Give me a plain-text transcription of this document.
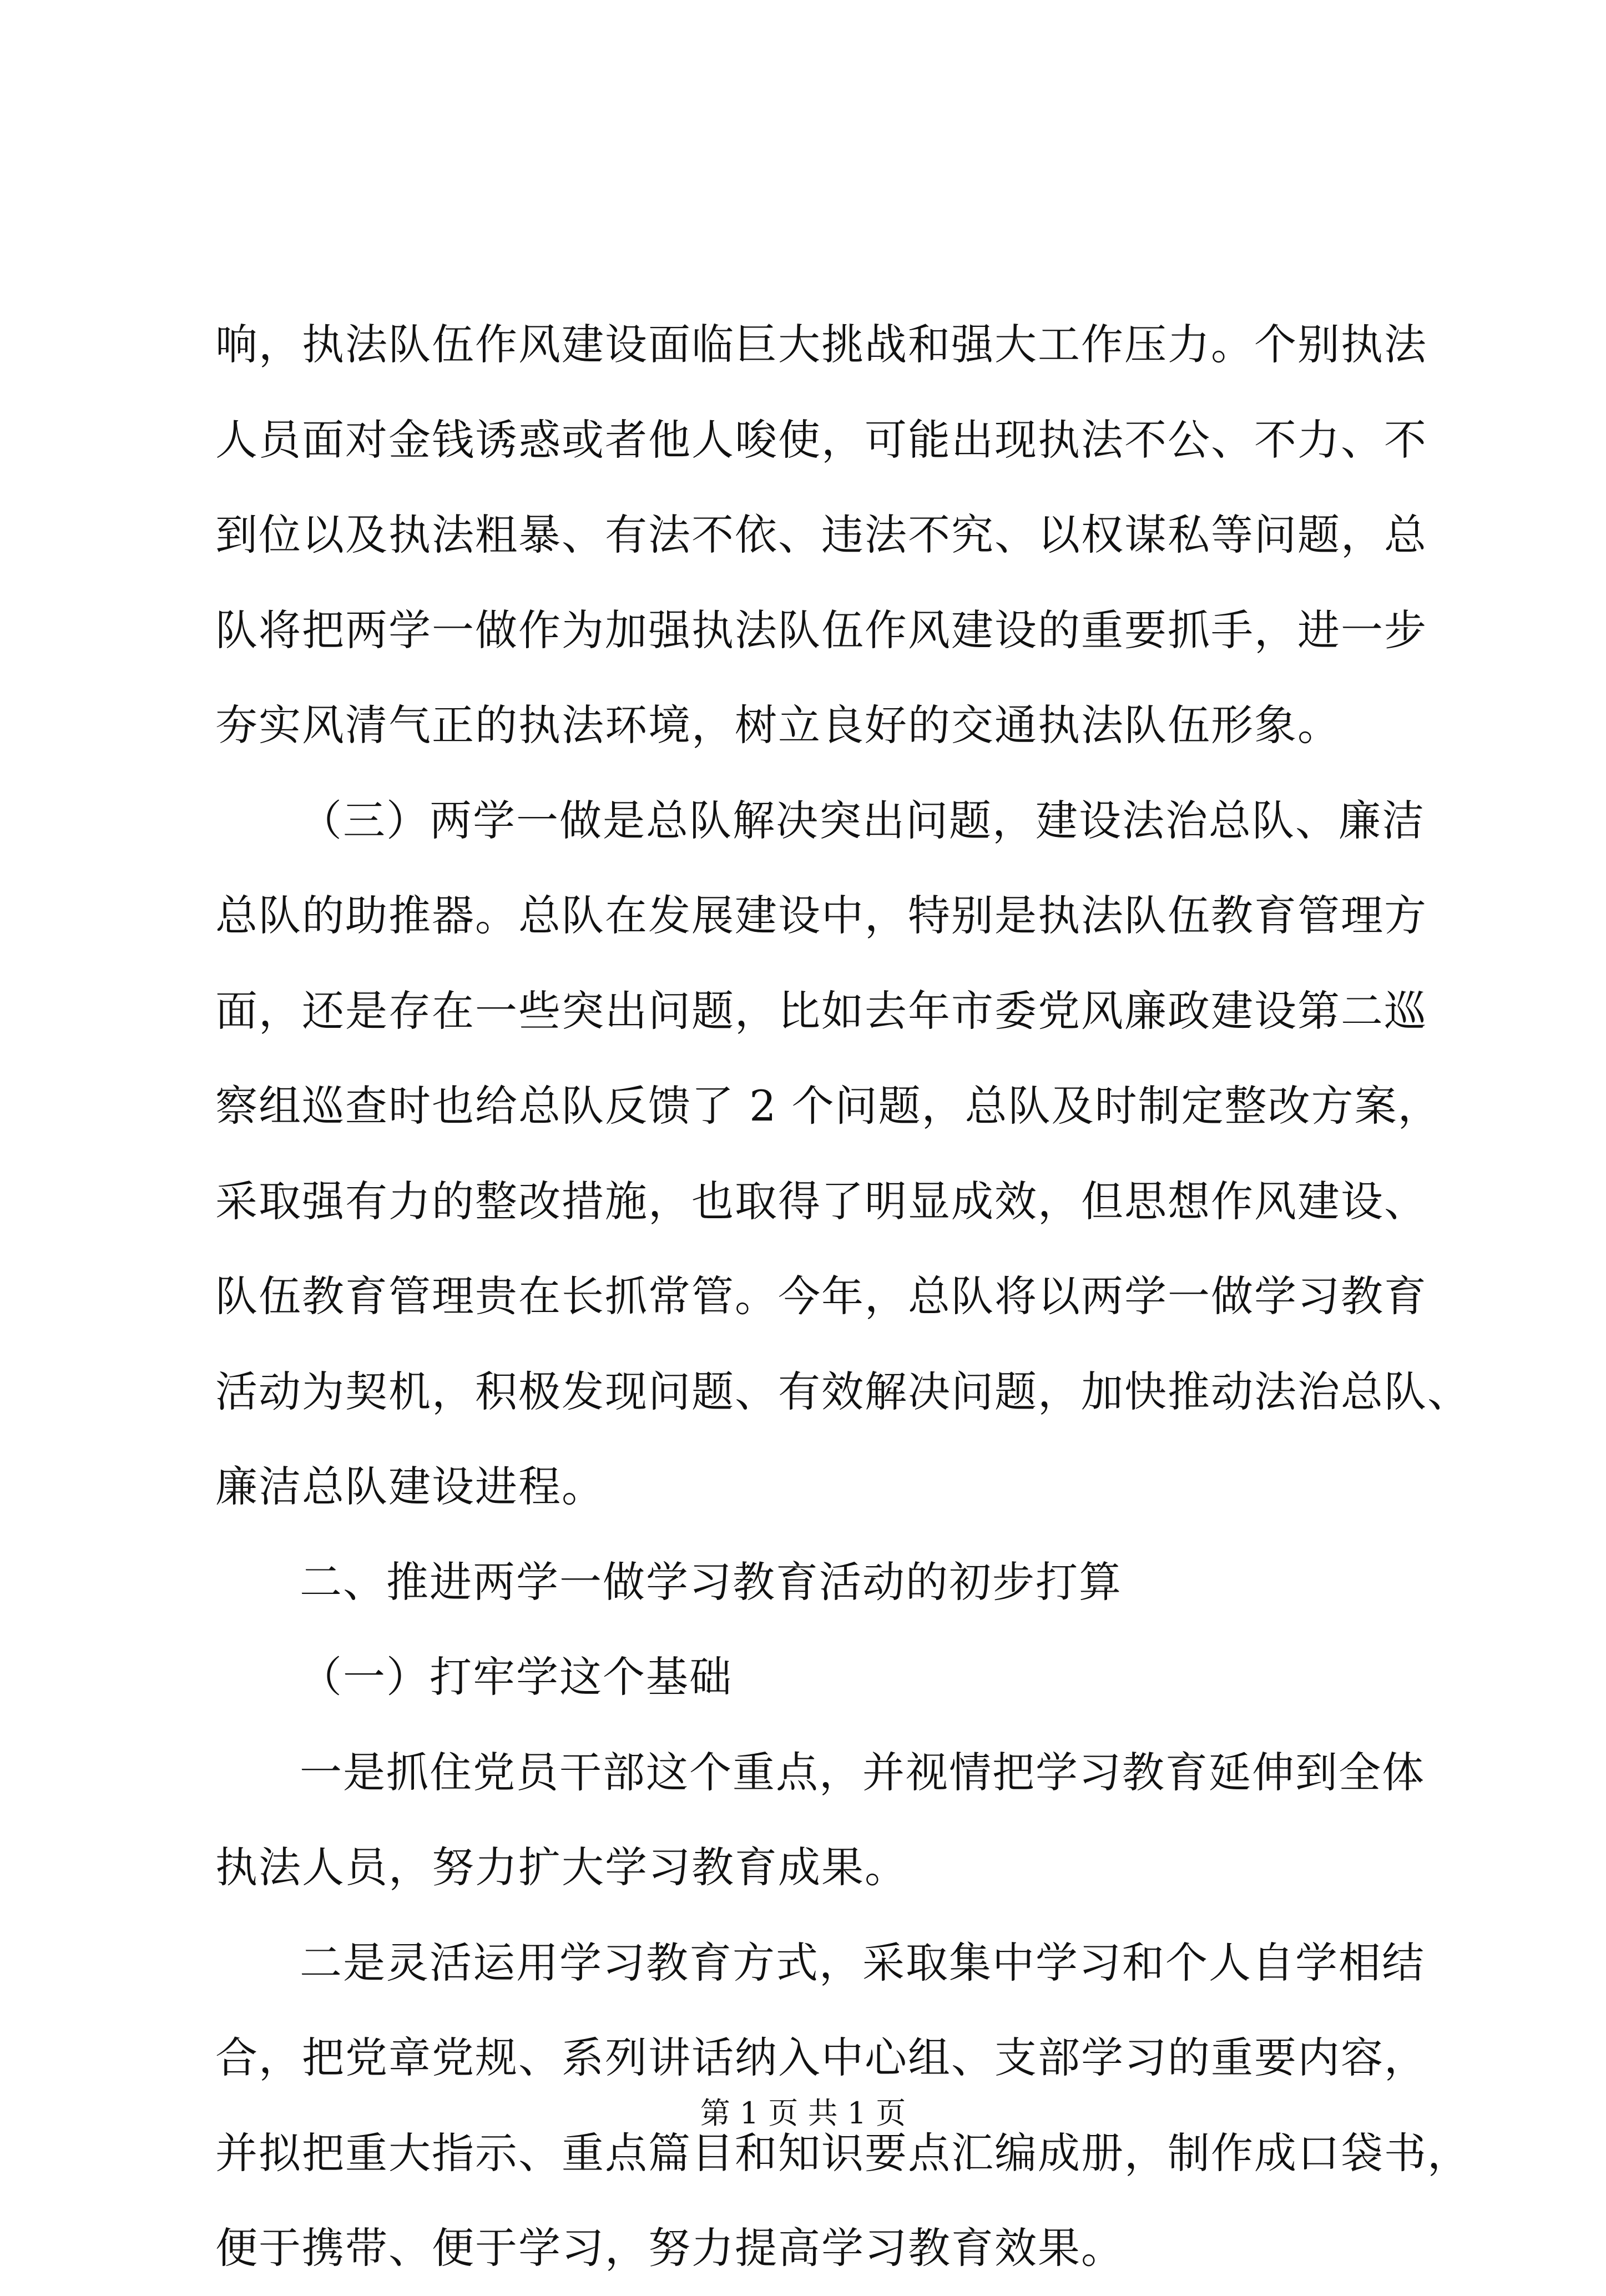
响，执法队伍作风建设面临巨大挑战和强大工作压力。个别执法
人员面对金钱诱惑或者他人唆使，可能出现执法不公、不力、不
到位以及执法粗暴、有法不依、违法不究、以权谋私等问题，总
队将把两学一做作为加强执法队伍作风建设的重要抓手，进一步
夯实风清气正的执法环境，树立良好的交通执法队伍形象。
（三）两学一做是总队解决突出问题，建设法治总队、廉洁
总队的助推器。总队在发展建设中，特别是执法队伍教育管理方
面，还是存在一些突出问题，比如去年市委党风廉政建设第二巡
察组巡查时也给总队反馈了 2 个问题，总队及时制定整改方案，
采取强有力的整改措施，也取得了明显成效，但思想作风建设、
队伍教育管理贵在长抓常管。今年，总队将以两学一做学习教育
活动为契机，积极发现问题、有效解决问题，加快推动法治总队、
廉洁总队建设进程。
二、推进两学一做学习教育活动的初步打算
（一）打牢学这个基础
一是抓住党员干部这个重点，并视情把学习教育延伸到全体
执法人员，努力扩大学习教育成果。
二是灵活运用学习教育方式，采取集中学习和个人自学相结
合，把党章党规、系列讲话纳入中心组、支部学习的重要内容，
并拟把重大指示、重点篇目和知识要点汇编成册，制作成口袋书，
便于携带、便于学习，努力提高学习教育效果。
第 1 页 共 1 页
